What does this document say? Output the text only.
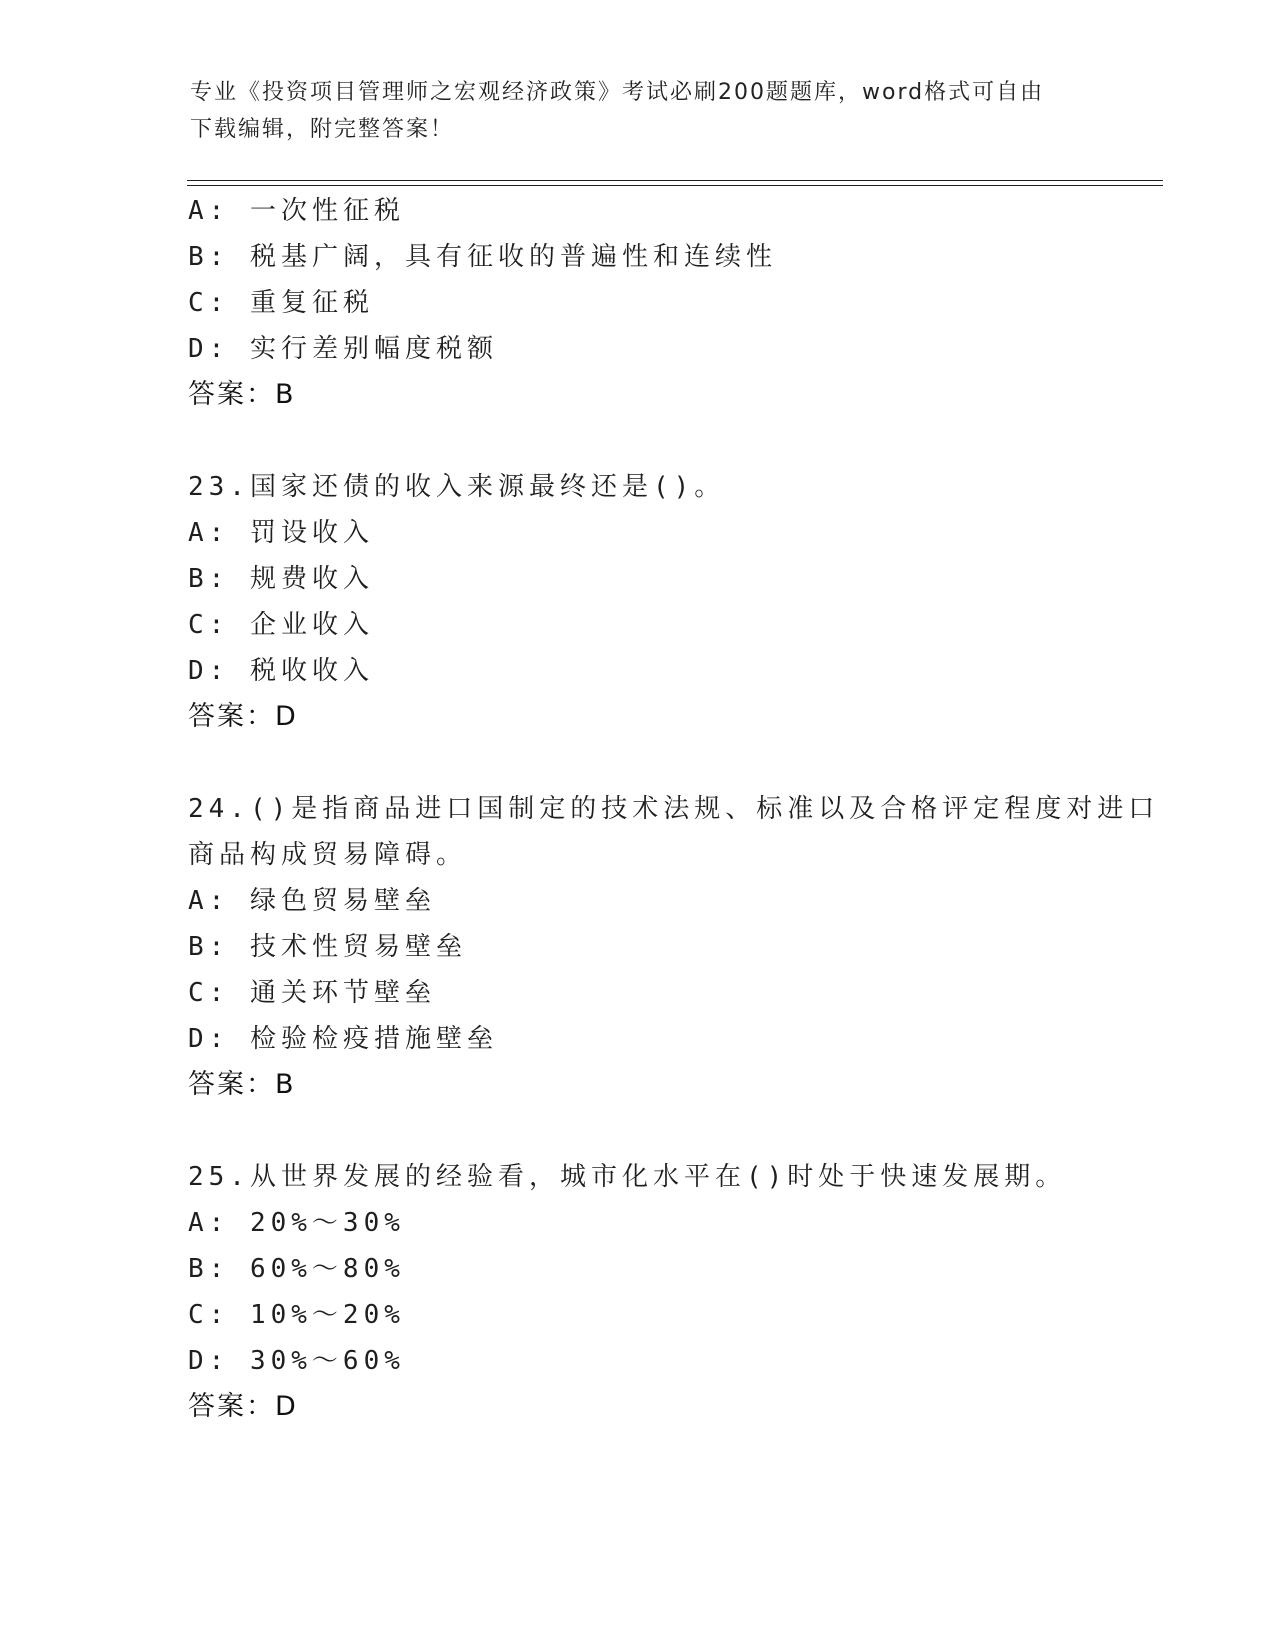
专业《投资项目管理师之宏观经济政策》考试必刷200题题库，word格式可自由
下载编辑，附完整答案！
A: 一次性征税
B: 税基广阔，具有征收的普遍性和连续性
C: 重复征税
D: 实行差别幅度税额
答案：B
23.国家还债的收入来源最终还是()。
A: 罚设收入
B: 规费收入
C: 企业收入
D: 税收收入
答案：D
24.()是指商品进口国制定的技术法规、标准以及合格评定程度对进口
商品构成贸易障碍。
A: 绿色贸易壁垒
B: 技术性贸易壁垒
C: 通关环节壁垒
D: 检验检疫措施壁垒
答案：B
25.从世界发展的经验看，城市化水平在()时处于快速发展期。
A: 20%～30%
B: 60%～80%
C: 10%～20%
D: 30%～60%
答案：D
